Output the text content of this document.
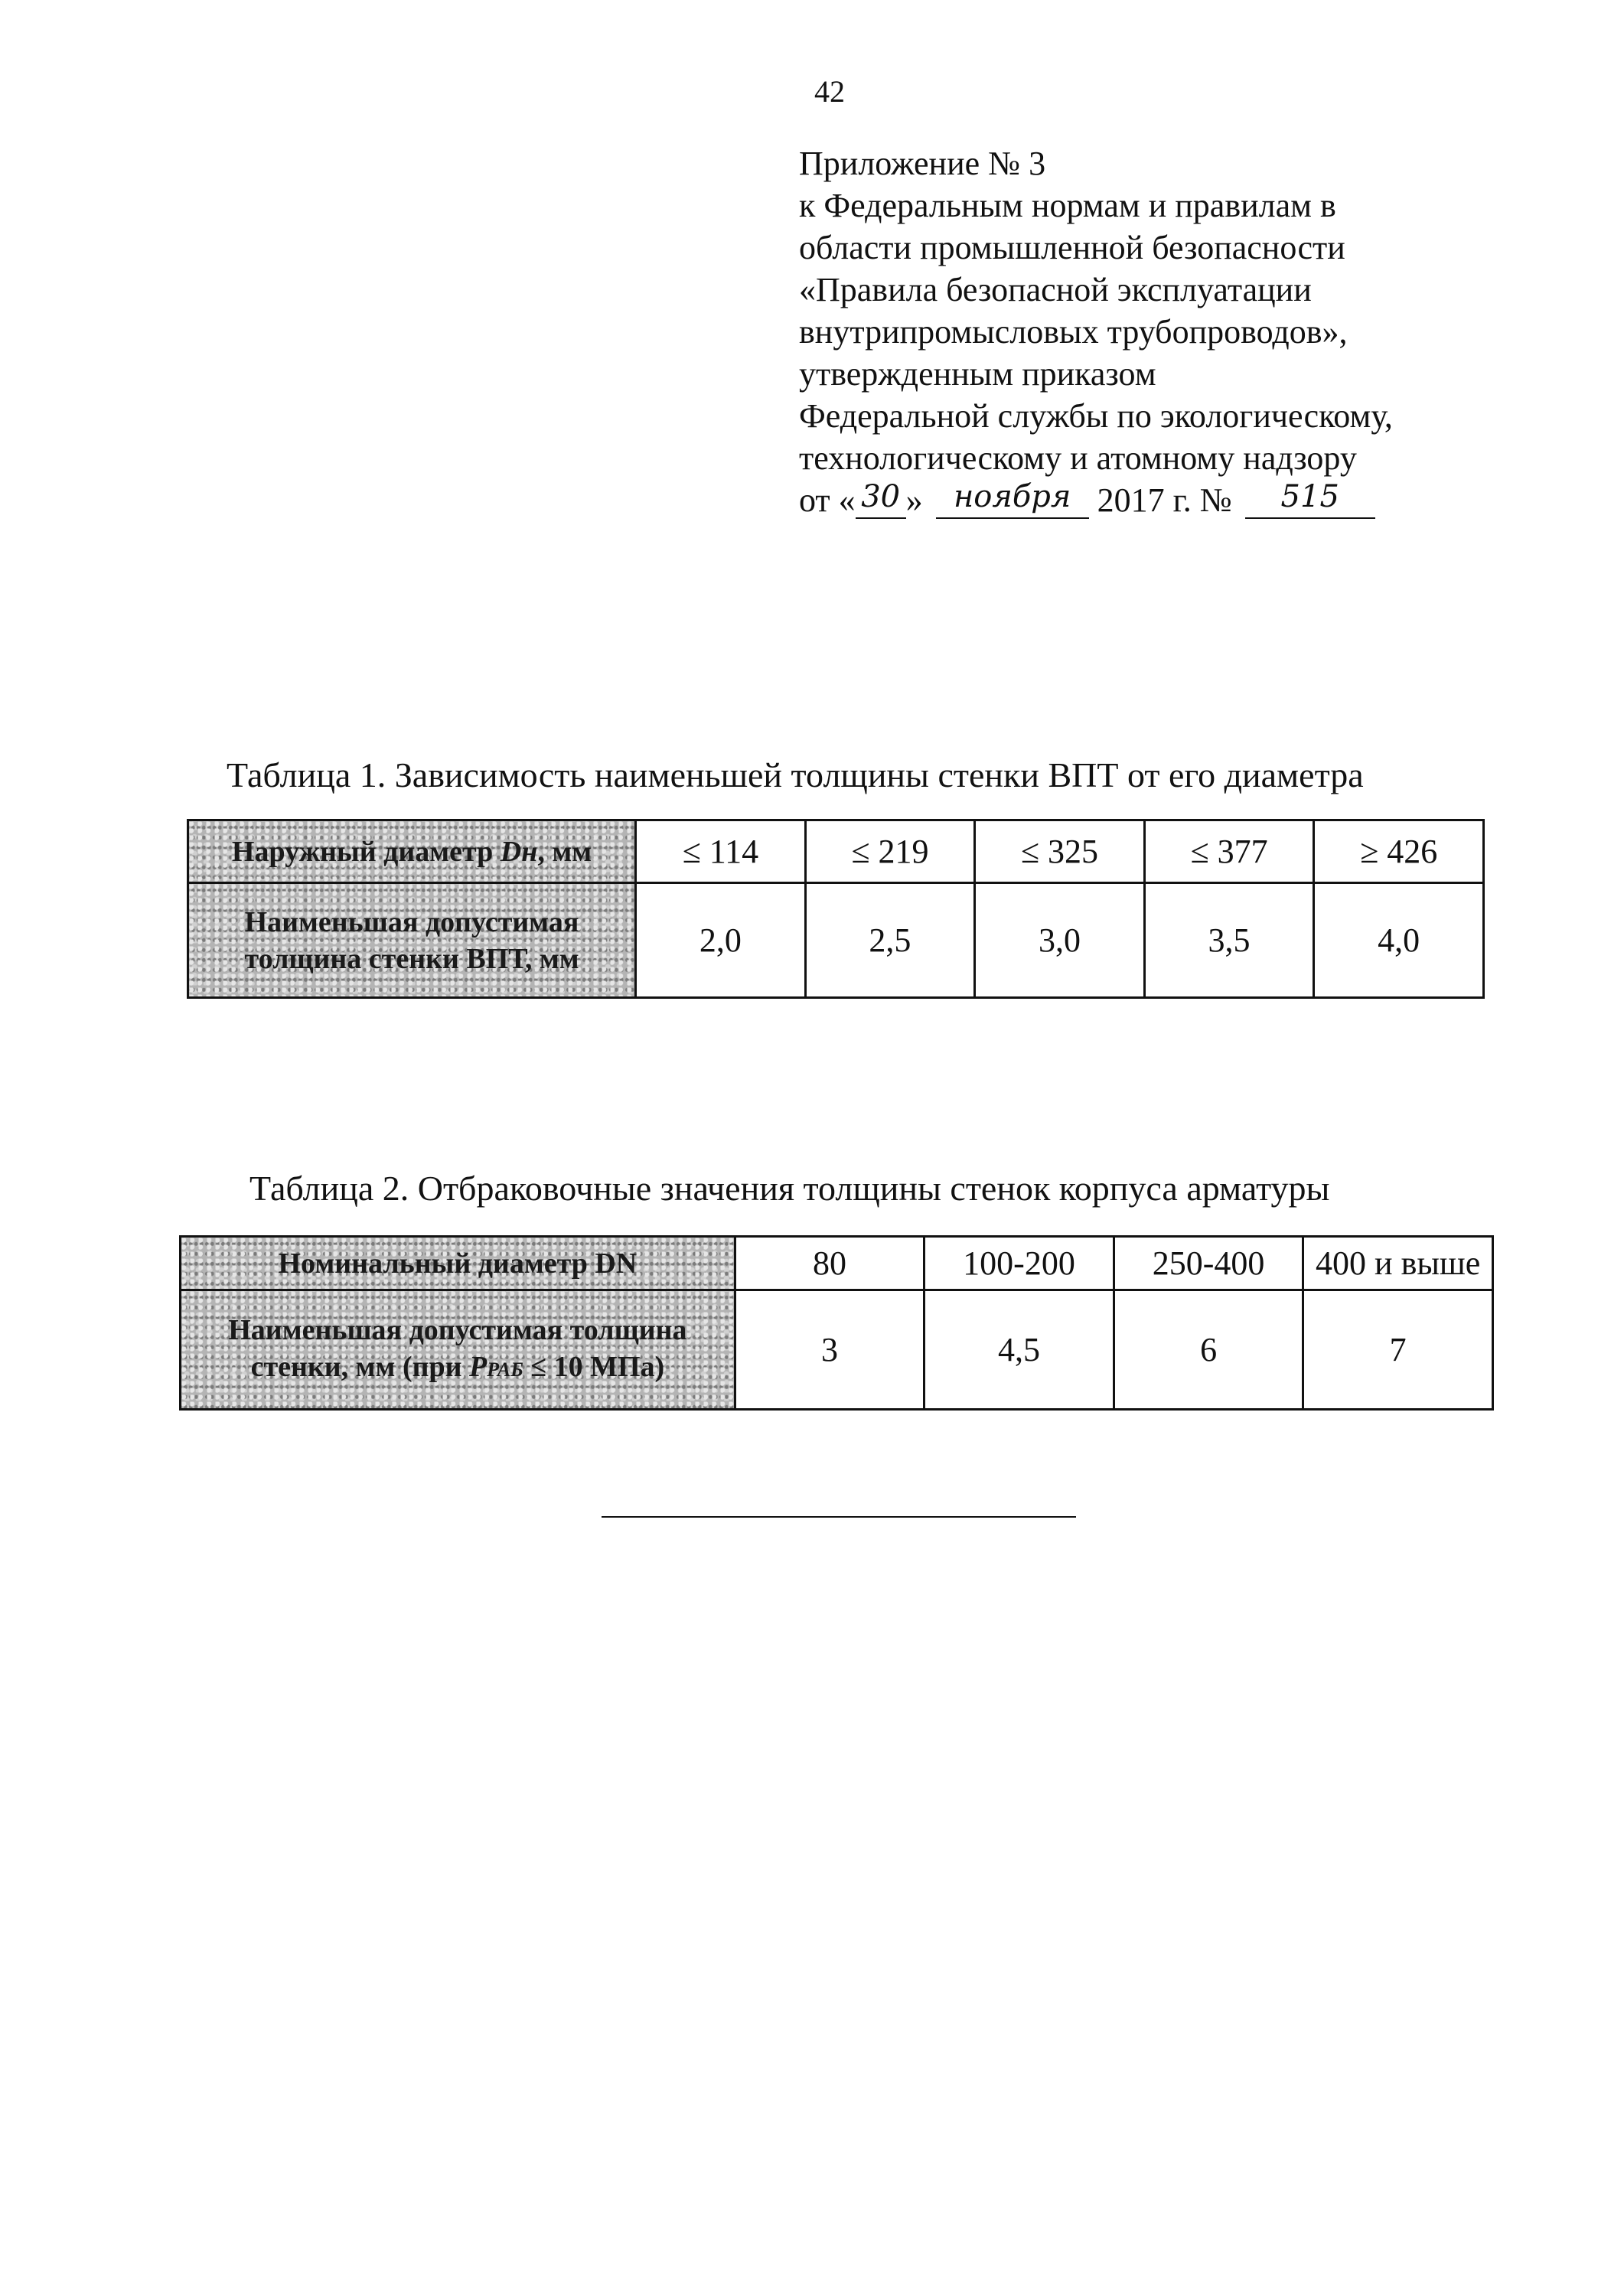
42
Приложение № 3
к Федеральным нормам и правилам в
области промышленной безопасности
«Правила безопасной эксплуатации
внутрипромысловых трубопроводов»,
утвержденным приказом
Федеральной службы по экологическому,
технологическому и атомному надзору
от « 30 » ноября 2017 г. № 515
Таблица 1. Зависимость наименьшей толщины стенки ВПТ от его диаметра
Наружный диаметр Dн, мм	≤ 114	≤ 219	≤ 325	≤ 377	≥ 426

Наименьшая допустимая
толщина стенки ВПТ, мм	2,0	2,5	3,0	3,5	4,0
Таблица 2. Отбраковочные значения толщины стенок корпуса арматуры
Номинальный диаметр DN	80	100-200	250-400	400 и выше

Наименьшая допустимая толщина
стенки, мм (при PРАБ ≤ 10 МПа)	3	4,5	6	7
